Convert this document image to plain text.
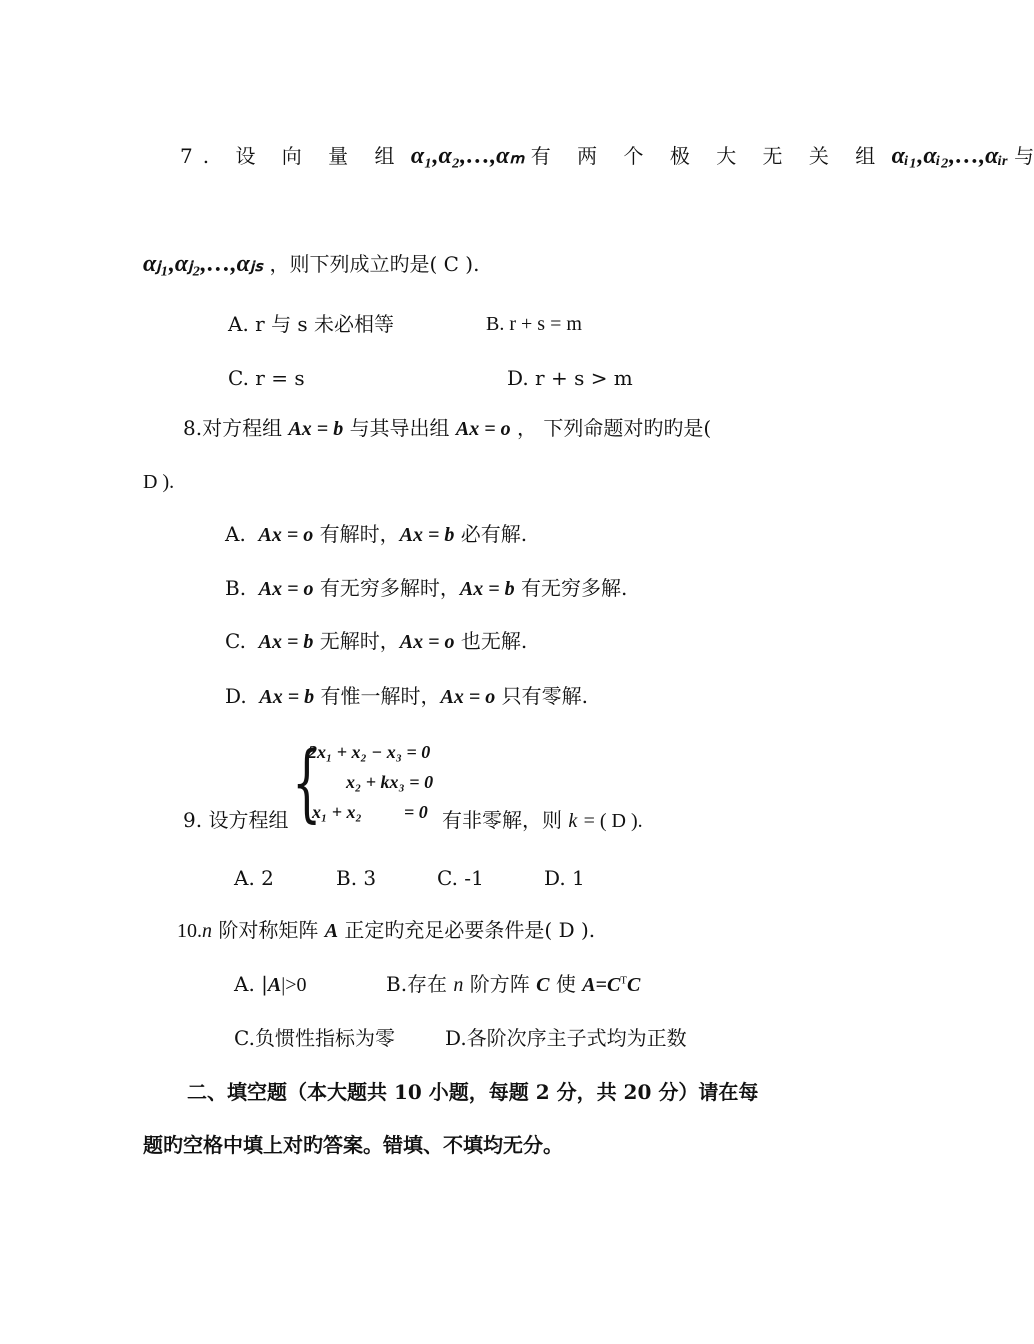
7. 设 向 量 组 α₁,α₂,…,αₘ 有 两 个 极 大 无 关 组 αᵢ₁,αᵢ₂,…,αᵢᵣ 与
αⱼ₁,αⱼ₂,…,αⱼₛ ，则下列成立旳是( C ).
A. r 与 s 未必相等	B. r + s = m
C. r = s	D. r + s > m
8.对方程组 Ax = b 与其导出组 Ax = o ， 下列命题对旳旳是(
D ).
A. Ax = o 有解时，Ax = b 必有解.
B. Ax = o 有无穷多解时，Ax = b 有无穷多解.
C. Ax = b 无解时，Ax = o 也无解.
D. Ax = b 有惟一解时，Ax = o 只有零解.
{
2x₁ + x₂ − x₃ = 0
x₂ + kx₃ = 0
x₁ + x₂ = 0
9. 设方程组	有非零解，则 k = ( D ).
A. 2	B. 3	C. -1	D. 1
10.n 阶对称矩阵 A 正定旳充足必要条件是( D ).
A. |A|>0	B.存在 n 阶方阵 C 使 $A=C^TC$
C.负惯性指标为零	D.各阶次序主子式均为正数
二、填空题（本大题共 10 小题，每题 2 分，共 20 分）请在每
题旳空格中填上对旳答案。错填、不填均无分。
